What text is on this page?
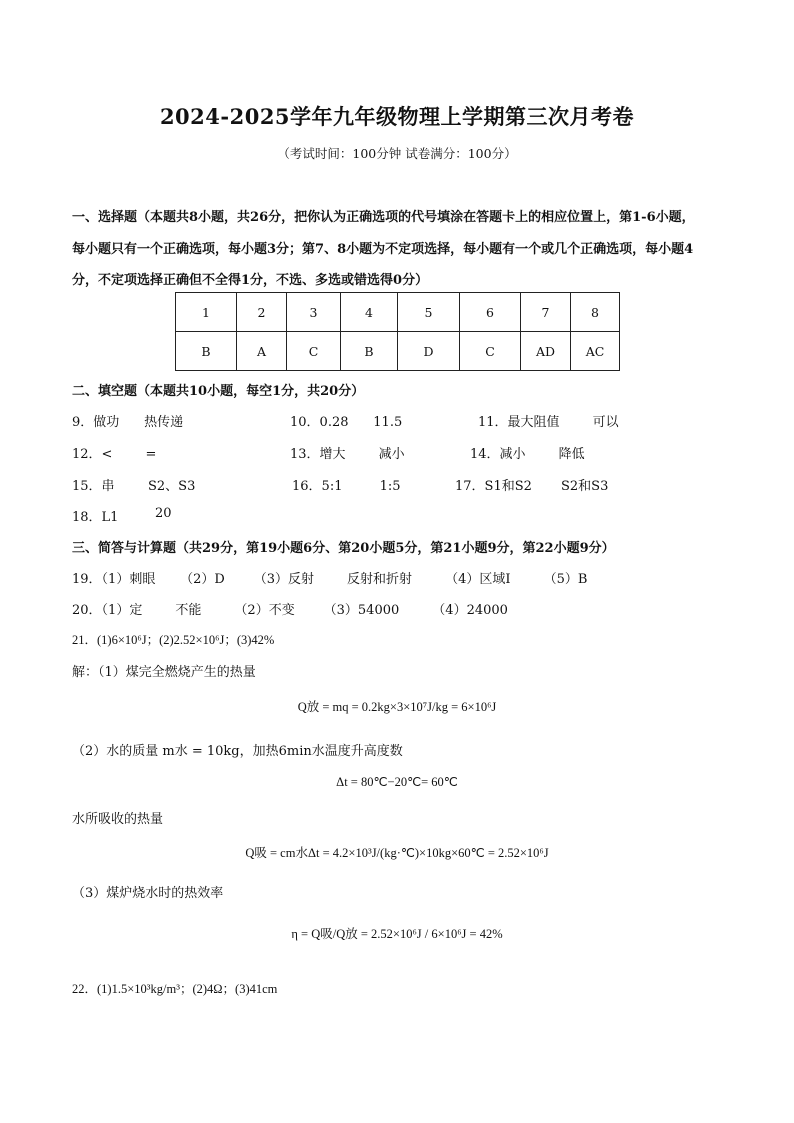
2024-2025学年九年级物理上学期第三次月考卷
（考试时间：100分钟 试卷满分：100分）
一、选择题（本题共8小题，共26分，把你认为正确选项的代号填涂在答题卡上的相应位置上，第1-6小题，
每小题只有一个正确选项，每小题3分；第7、8小题为不定项选择，每小题有一个或几个正确选项，每小题4
分，不定项选择正确但不全得1分，不选、多选或错选得0分）
1	2	3	4	5	6	7	8
B	A	C	B	D	C	AD	AC
二、填空题（本题共10小题，每空1分，共20分）
9．做功      热传递	10．0.28      11.5	11．最大阻值        可以
12．<        =	13．增大        减小	14．减小        降低
15．串	S2、S3	16．5:1         1:5	17．S1和S2 S2和S3
18．L1	20
三、简答与计算题（共29分，第19小题6分、第20小题5分，第21小题9分，第22小题9分）
19．（1）刺眼      （2）D       （3）反射        反射和折射        （4）区域Ⅰ        （5）B
20．（1）定        不能        （2）不变       （3）54000        （4）24000
21．(1)6×10⁶J；(2)2.52×10⁶J；(3)42%
解：（1）煤完全燃烧产生的热量
Q放 = mq = 0.2kg×3×10⁷J/kg = 6×10⁶J
（2）水的质量 m水 = 10kg，加热6min水温度升高度数
Δt = 80℃−20℃= 60℃
水所吸收的热量
Q吸 = cm水Δt = 4.2×10³J/(kg·℃)×10kg×60℃ = 2.52×10⁶J
（3）煤炉烧水时的热效率
η = Q吸/Q放 = 2.52×10⁶J / 6×10⁶J = 42%
22．(1)1.5×10³kg/m³；(2)4Ω；(3)41cm
